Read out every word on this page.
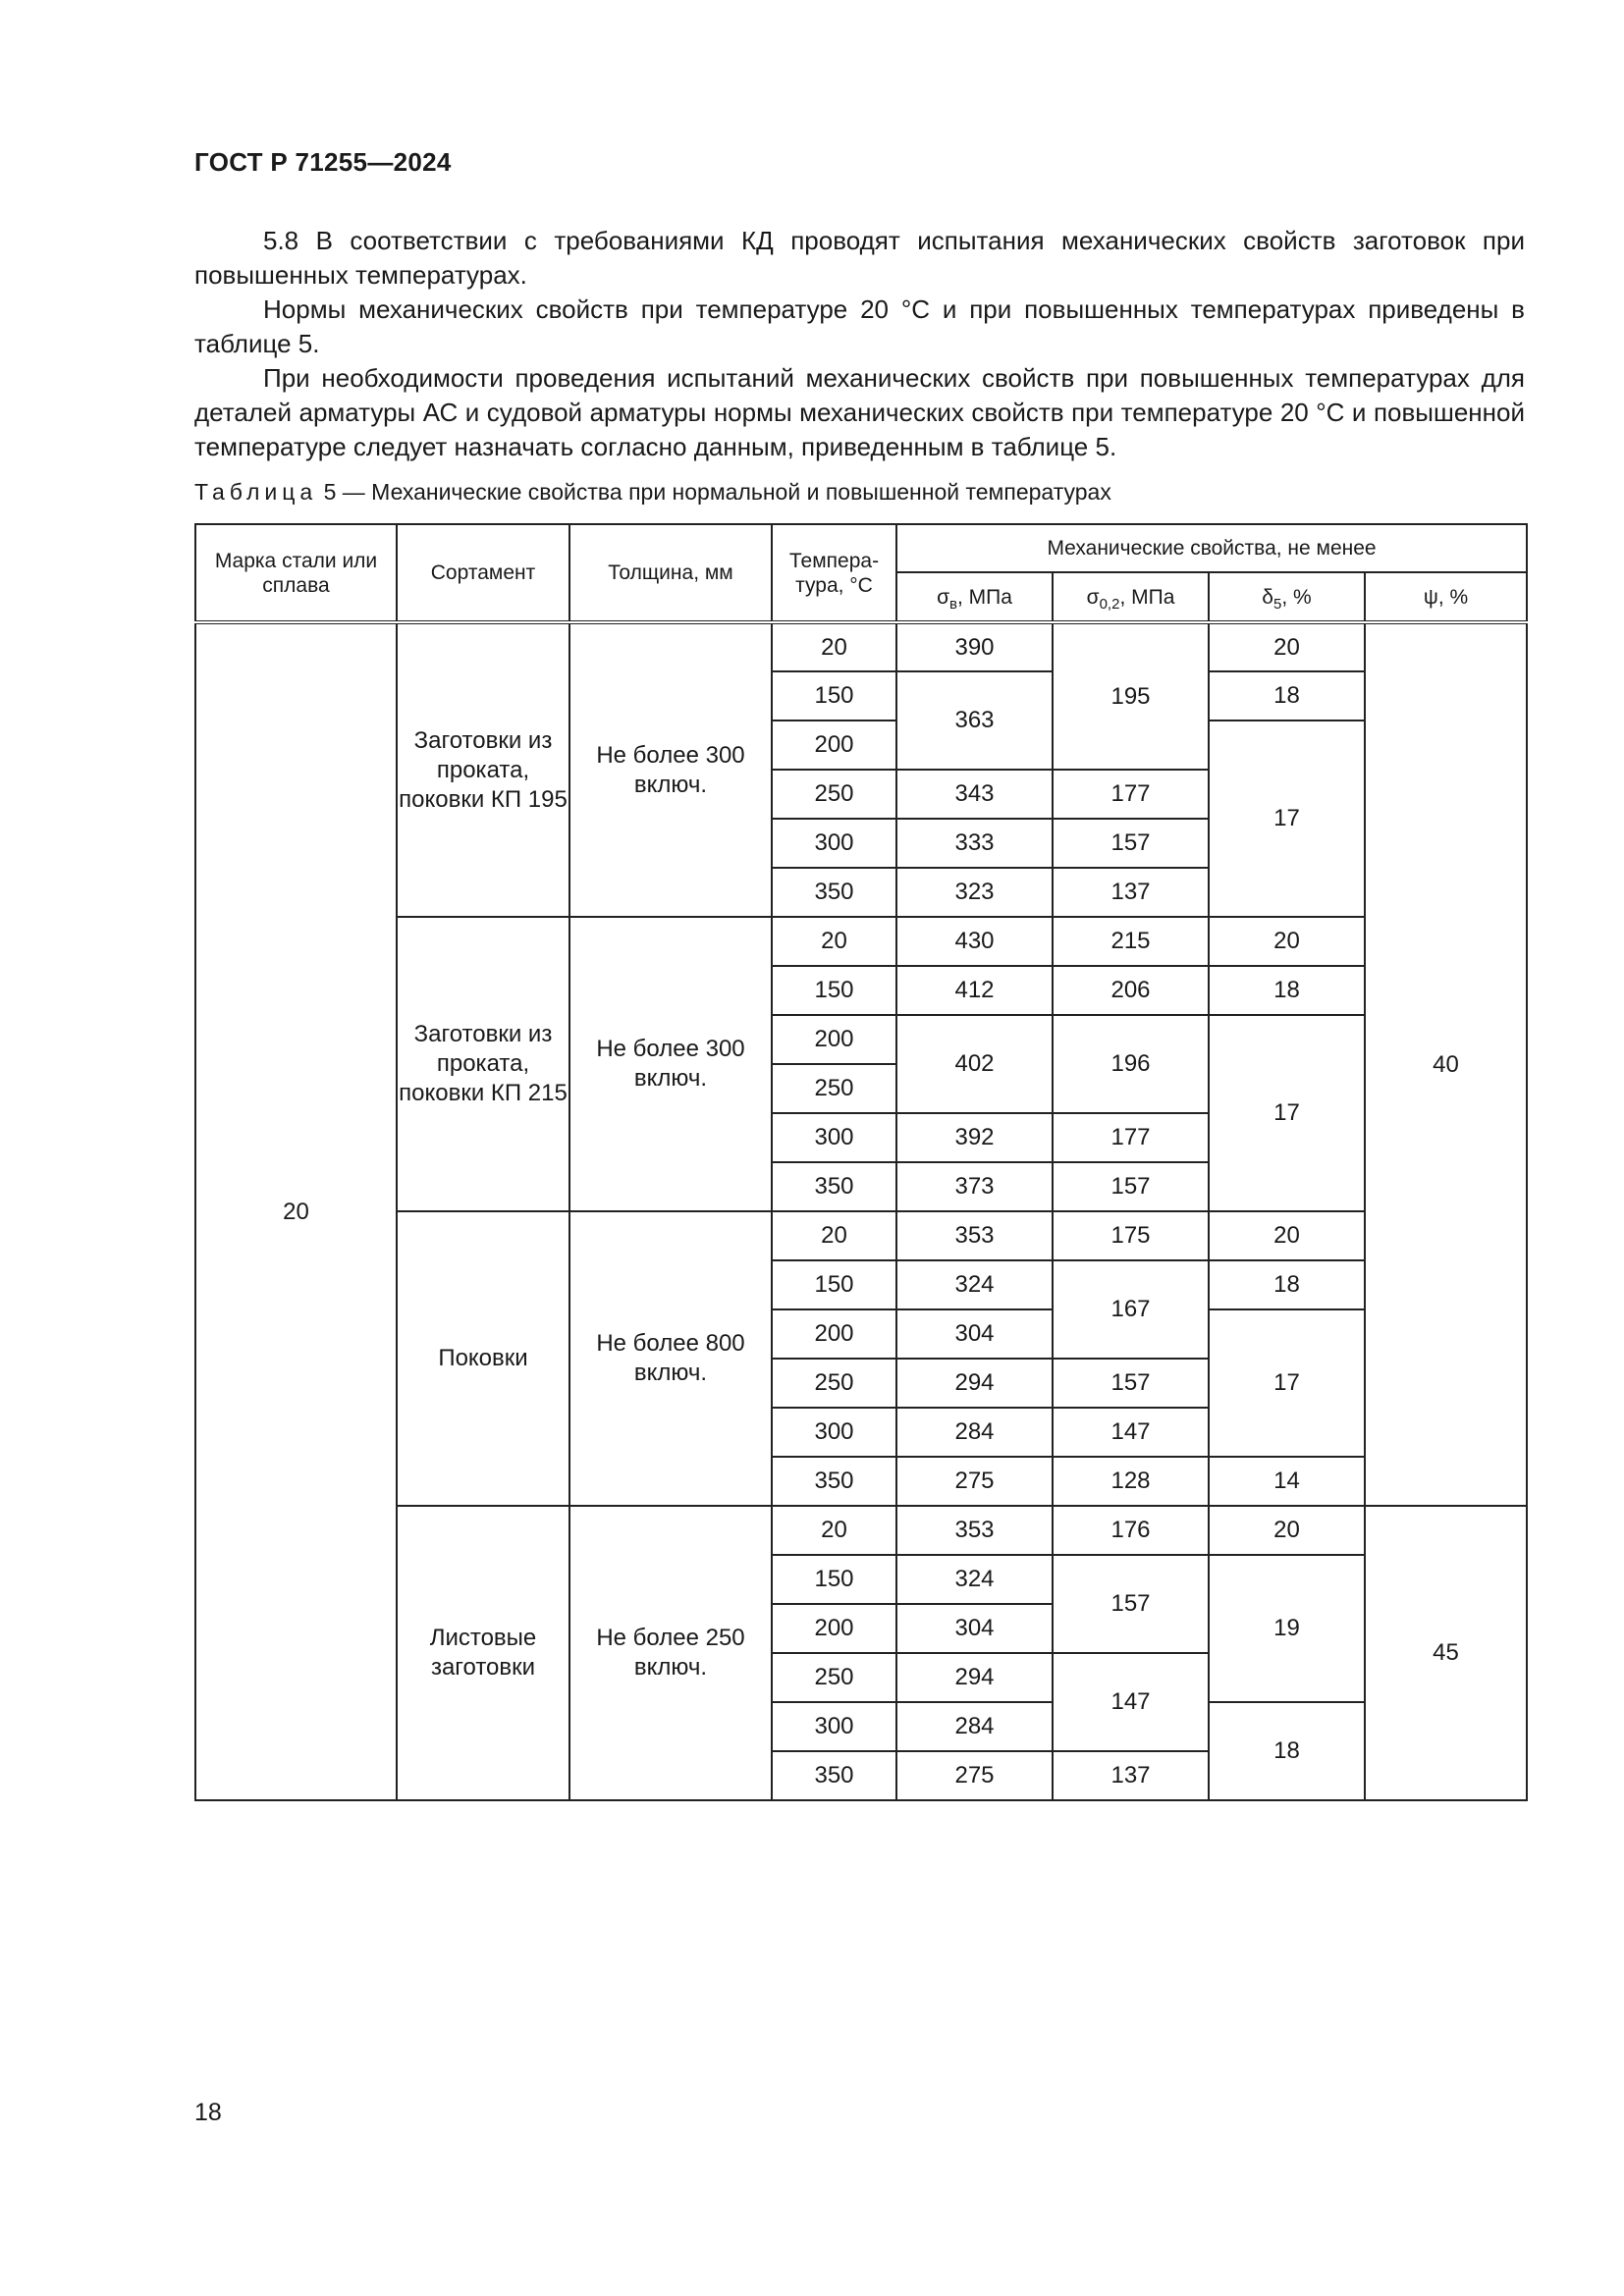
ГОСТ Р 71255—2024

5.8 В соответствии с требованиями КД проводят испытания механических свойств заготовок при повышенных температурах.

Нормы механических свойств при температуре 20 °С и при повышенных температурах приведены в таблице 5.

При необходимости проведения испытаний механических свойств при повышенных температурах для деталей арматуры АС и судовой арматуры нормы механических свойств при температуре 20 °С и повышенной температуре следует назначать согласно данным, приведенным в таблице 5.

Таблица 5 — Механические свойства при нормальной и повышенной температурах
Марка стали или сплава	Сортамент	Толщина, мм	Темпера-тура, °С	Механические свойства, не менее			
				$\sigma_в$, МПа	$\sigma_{0,2}$, МПа	$\delta_5$, %	ψ, %
20	Заготовки из проката, поковки КП 195	Не более 300 включ.	20	390	195	20	40
			150	363		18	
			200			17	
			250	343	177		
			300	333	157		
			350	323	137		
	Заготовки из проката, поковки КП 215	Не более 300 включ.	20	430	215	20	
			150	412	206	18	
			200	402	196	17	
			250				
			300	392	177		
			350	373	157		
	Поковки	Не более 800 включ.	20	353	175	20	
			150	324	167	18	
			200	304		17	
			250	294	157		
			300	284	147		
			350	275	128	14	
	Листовые заготовки	Не более 250 включ.	20	353	176	20	45
			150	324	157	19	
			200	304			
			250	294	147		
			300	284		18	
			350	275	137		
18
